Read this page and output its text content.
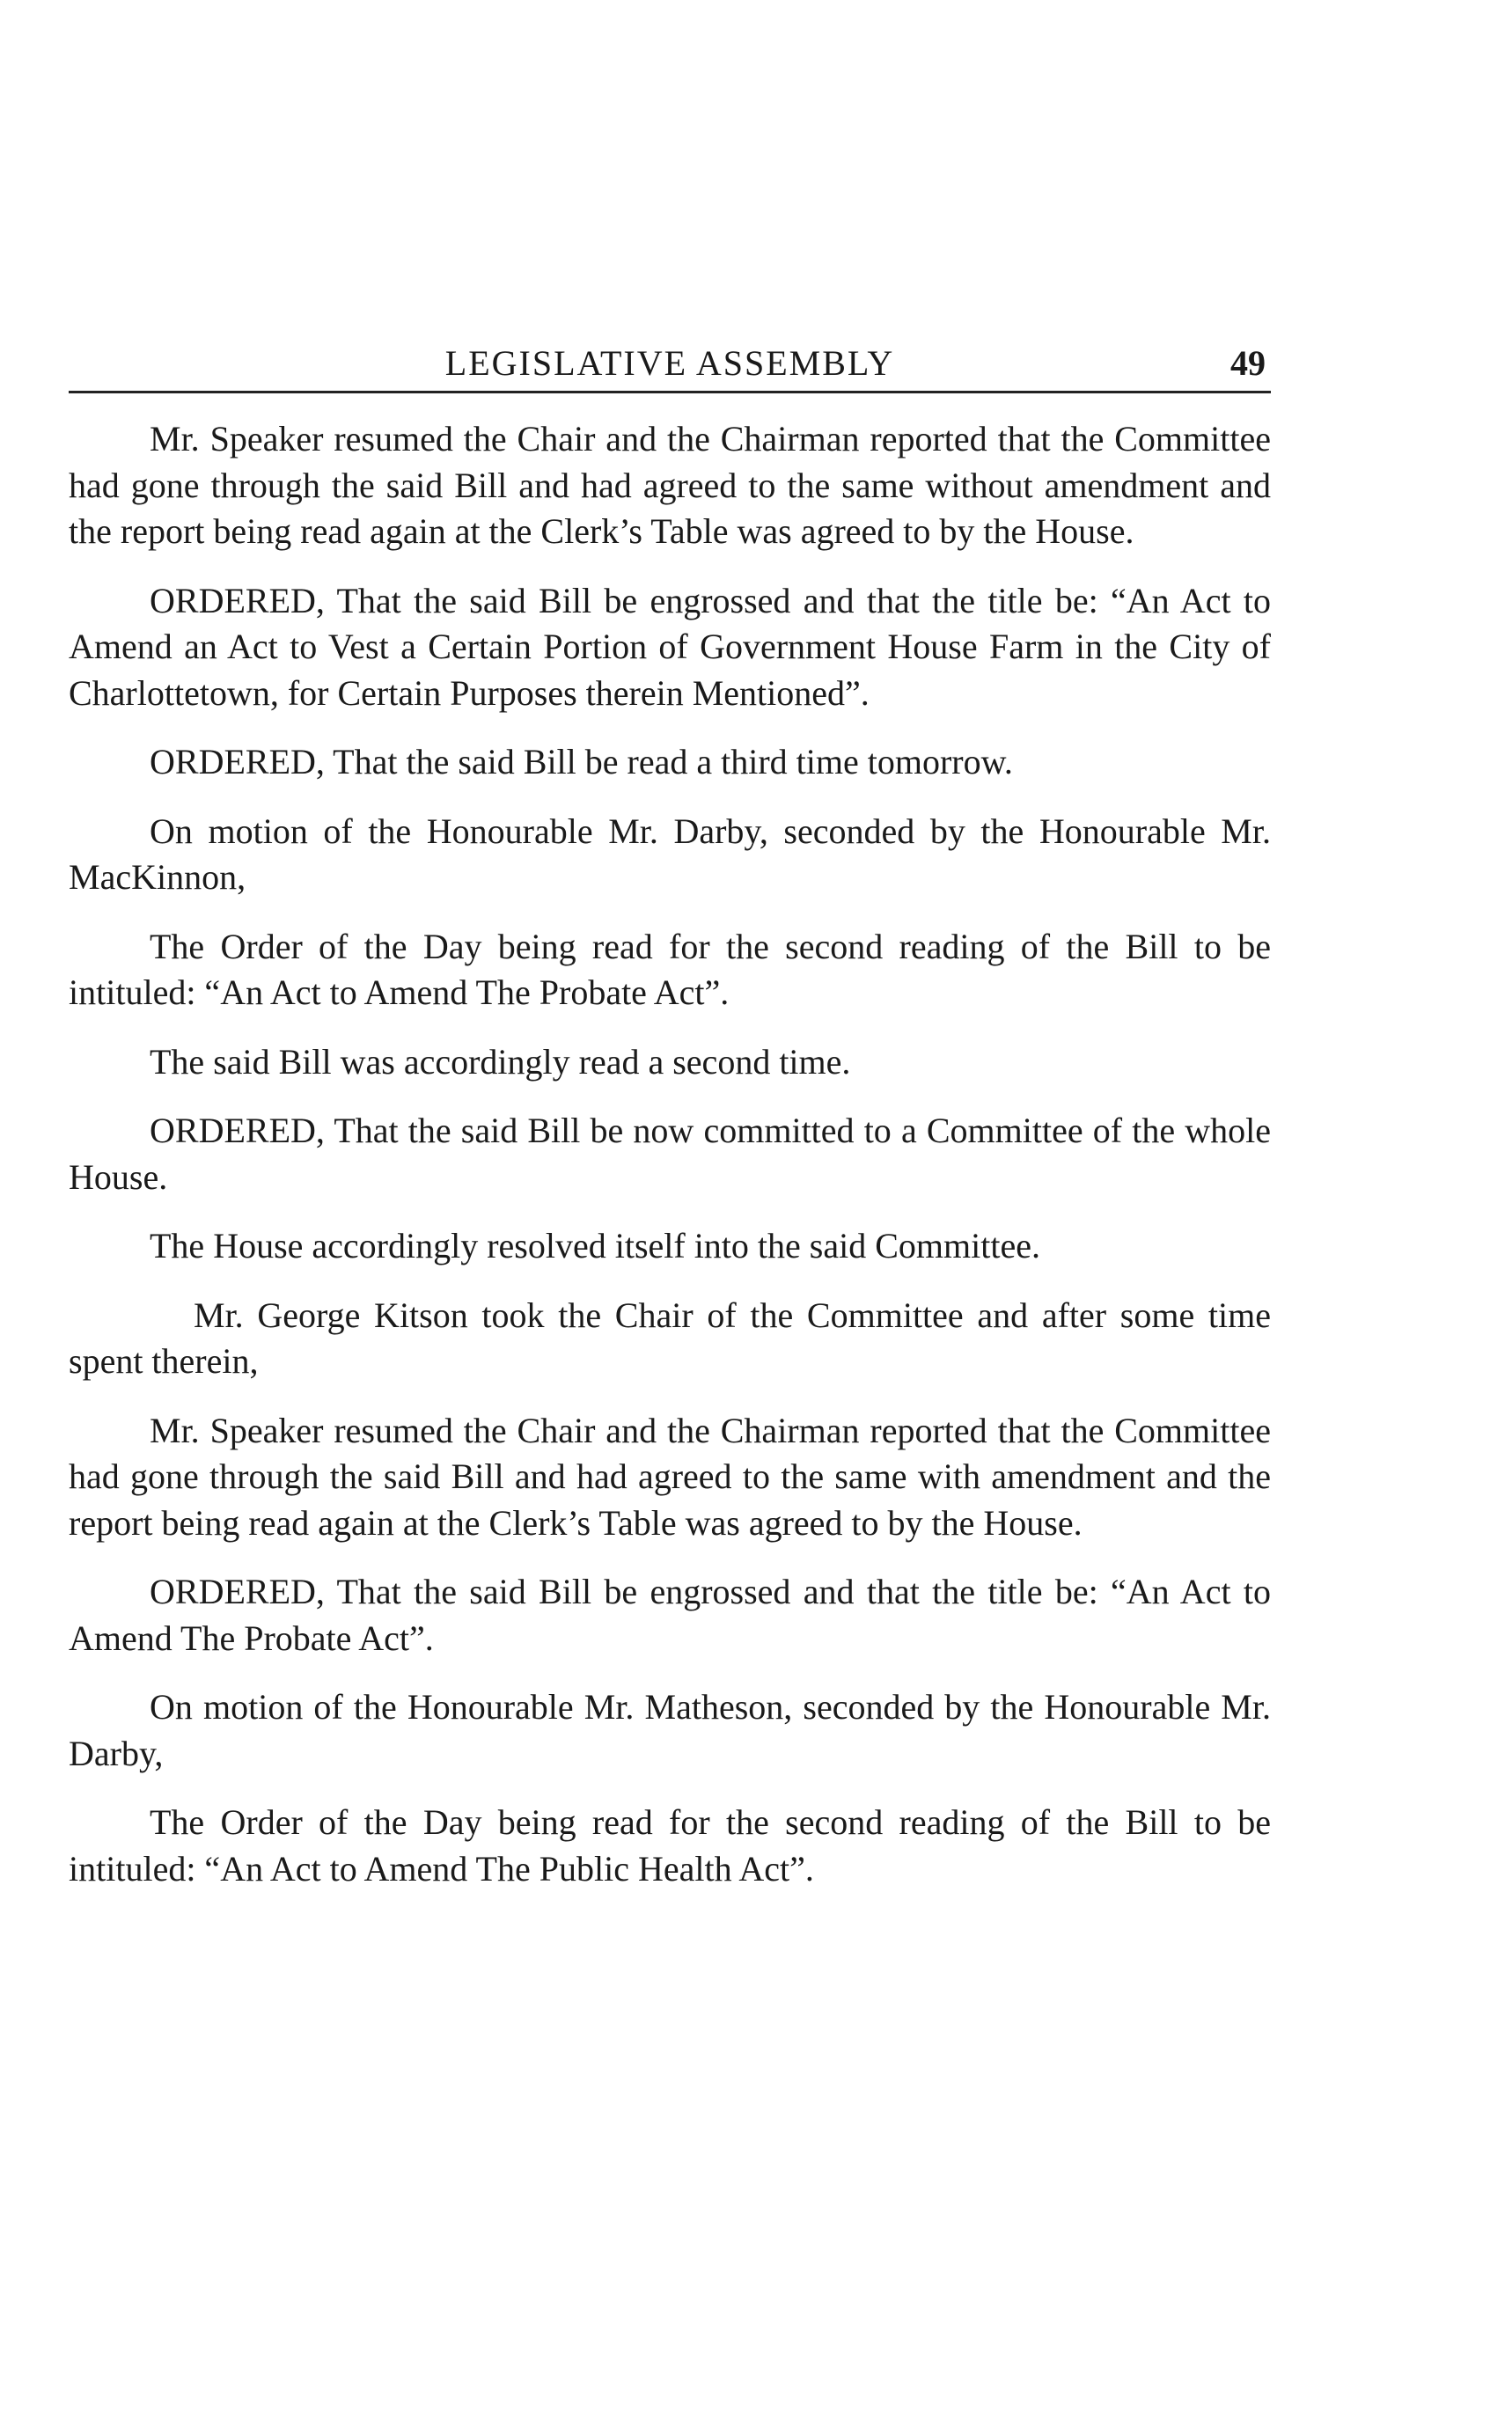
LEGISLATIVE ASSEMBLY	49

Mr. Speaker resumed the Chair and the Chairman reported that the Committee had gone through the said Bill and had agreed to the same without amendment and the report being read again at the Clerk’s Table was agreed to by the House.

ORDERED, That the said Bill be engrossed and that the title be: “An Act to Amend an Act to Vest a Certain Portion of Government House Farm in the City of Charlottetown, for Certain Purposes therein Mentioned”.

ORDERED, That the said Bill be read a third time tomorrow.

On motion of the Honourable Mr. Darby, seconded by the Honourable Mr. MacKinnon,

The Order of the Day being read for the second reading of the Bill to be intituled: “An Act to Amend The Probate Act”.

The said Bill was accordingly read a second time.

ORDERED, That the said Bill be now committed to a Committee of the whole House.

The House accordingly resolved itself into the said Committee.

Mr. George Kitson took the Chair of the Committee and after some time spent therein,

Mr. Speaker resumed the Chair and the Chairman reported that the Committee had gone through the said Bill and had agreed to the same with amendment and the report being read again at the Clerk’s Table was agreed to by the House.

ORDERED, That the said Bill be engrossed and that the title be: “An Act to Amend The Probate Act”.

On motion of the Honourable Mr. Matheson, seconded by the Honourable Mr. Darby,

The Order of the Day being read for the second reading of the Bill to be intituled: “An Act to Amend The Public Health Act”.
